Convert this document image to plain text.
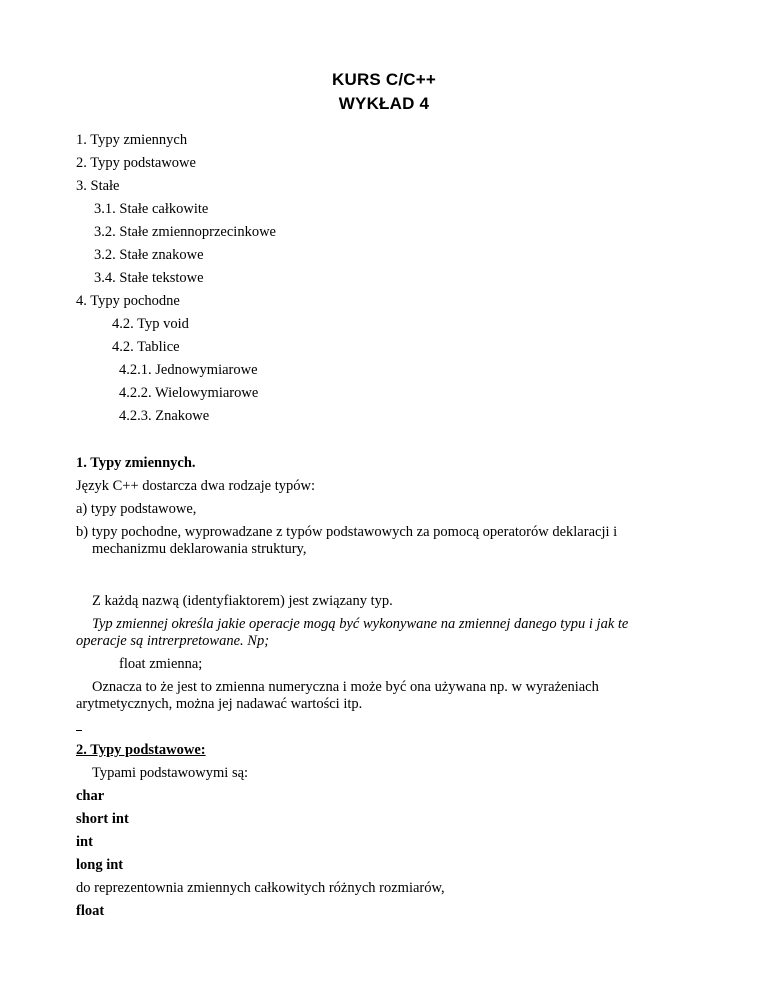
KURS C/C++
WYKŁAD 4
1. Typy zmiennych
2. Typy podstawowe
3. Stałe
3.1. Stałe całkowite
3.2. Stałe zmiennoprzecinkowe
3.2. Stałe znakowe
3.4. Stałe tekstowe
4. Typy pochodne
4.2. Typ void
4.2. Tablice
4.2.1. Jednowymiarowe
4.2.2. Wielowymiarowe
4.2.3. Znakowe
1. Typy zmiennych.
Język C++ dostarcza dwa rodzaje typów:
a) typy podstawowe,
b) typy pochodne, wyprowadzane z typów podstawowych za pomocą operatorów deklaracji i
mechanizmu deklarowania struktury,
Z każdą nazwą (identyfiaktorem) jest związany typ.
Typ zmiennej określa jakie operacje mogą być wykonywane na zmiennej danego typu i jak te
operacje są intrerpretowane. Np;
float zmienna;
Oznacza to że jest to zmienna numeryczna i może być ona używana np. w wyrażeniach
arytmetycznych, można jej nadawać wartości itp.
2. Typy podstawowe:
Typami podstawowymi są:
char
short int
int
long int
do reprezentownia zmiennych całkowitych różnych rozmiarów,
float
